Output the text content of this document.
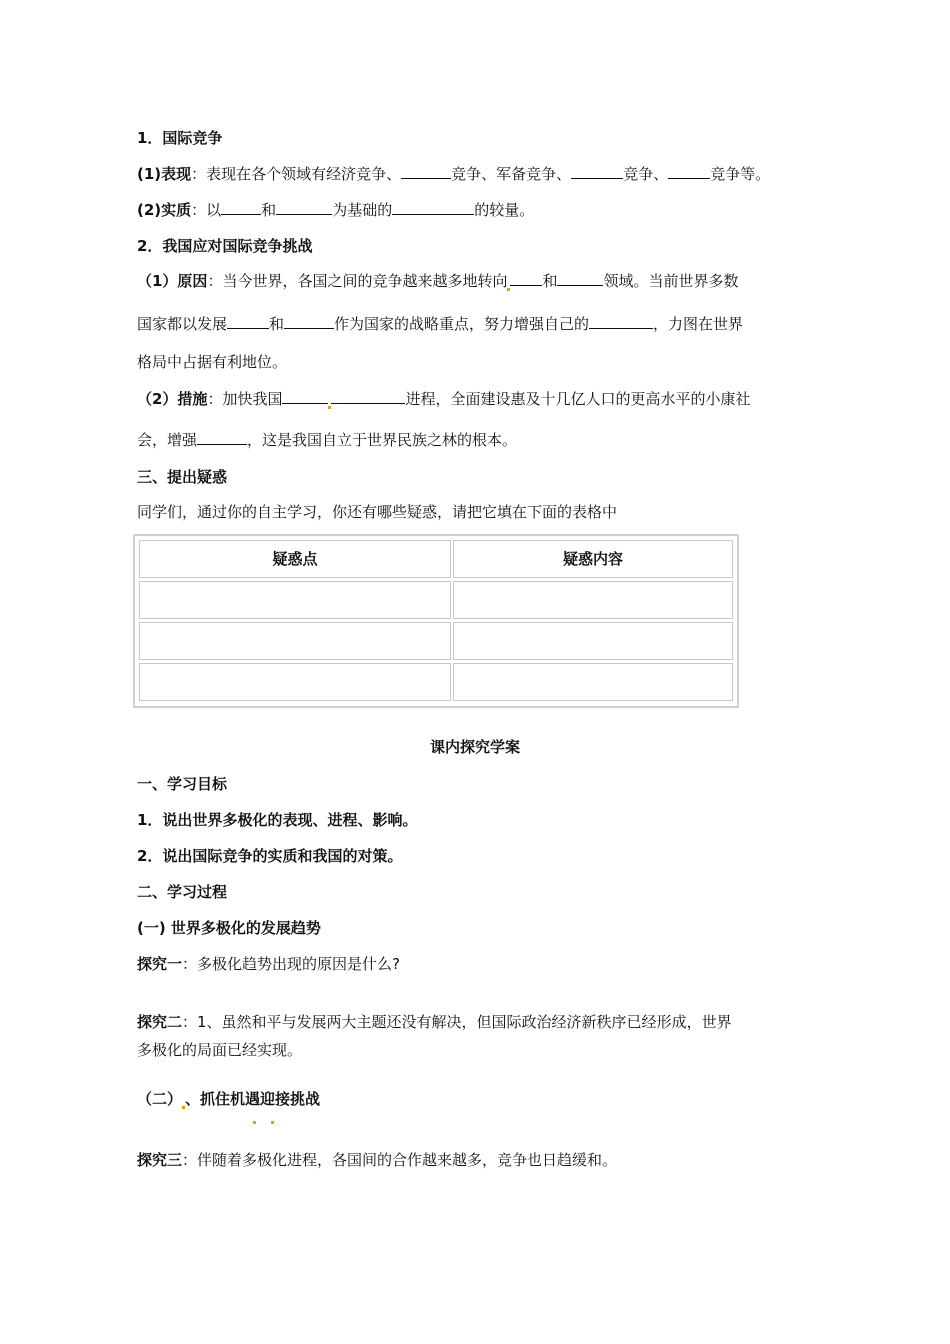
1．国际竞争
(1)表现：表现在各个领域有经济竞争、	竞争、军备竞争、	竞争、	竞争等。
(2)实质：以	和	为基础的	的较量。
2．我国应对国际竞争挑战
（1）原因：当今世界，各国之间的竞争越来越多地转向 和	领域。当前世界多数
国家都以发展	和	作为国家的战略重点，努力增强自己的	，力图在世界
格局中占据有利地位。
（2）措施：加快我国	进程，全面建设惠及十几亿人口的更高水平的小康社
会，增强	，这是我国自立于世界民族之林的根本。
三、提出疑惑
同学们，通过你的自主学习，你还有哪些疑惑，请把它填在下面的表格中
疑惑点	疑惑内容
课内探究学案
一、学习目标
1．说出世界多极化的表现、进程、影响。
2．说出国际竞争的实质和我国的对策。
二、学习过程
(一) 世界多极化的发展趋势
探究一：多极化趋势出现的原因是什么?
探究二：1、虽然和平与发展两大主题还没有解决，但国际政治经济新秩序已经形成，世界
多极化的局面已经实现。
（二） 、抓住机遇迎接挑战
探究三：伴随着多极化进程，各国间的合作越来越多，竞争也日趋缓和。
